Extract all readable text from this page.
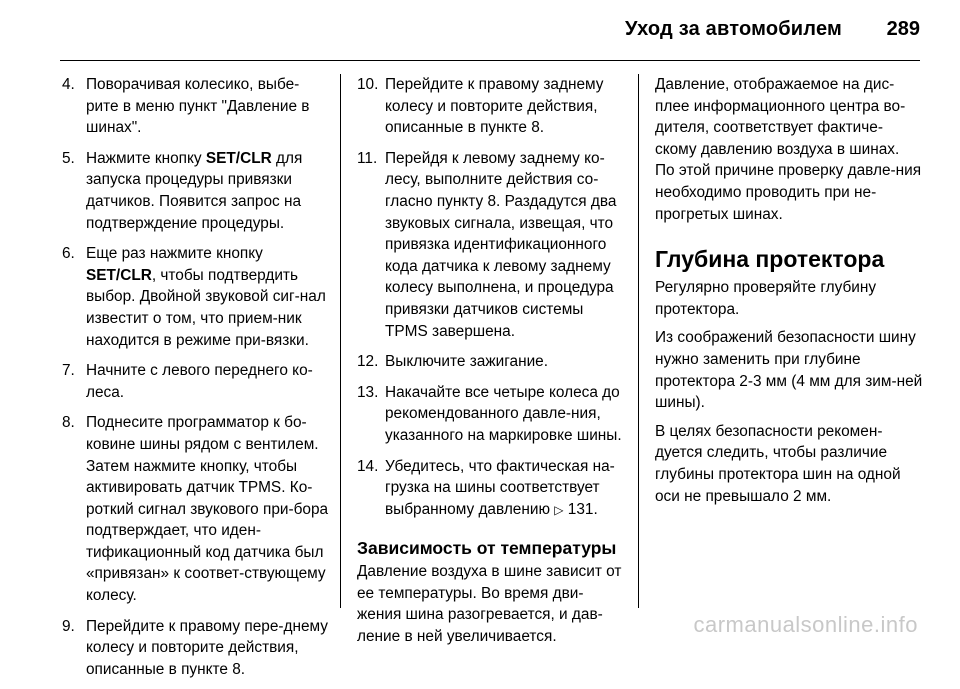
Уход за автомобилем 289
4. Поворачивая колесико, выбе-рите в меню пункт "Давление в шинах".
5. Нажмите кнопку SET/CLR для запуска процедуры привязки датчиков. Появится запрос на подтверждение процедуры.
6. Еще раз нажмите кнопку SET/CLR, чтобы подтвердить выбор. Двойной звуковой сиг-нал известит о том, что прием-ник находится в режиме при-вязки.
7. Начните с левого переднего ко-леса.
8. Поднесите программатор к бо-ковине шины рядом с вентилем. Затем нажмите кнопку, чтобы активировать датчик TPMS. Ко-роткий сигнал звукового при-бора подтверждает, что иден-тификационный код датчика был «привязан» к соответ-ствующему колесу.
9. Перейдите к правому пере-днему колесу и повторите действия, описанные в пункте 8.
10. Перейдите к правому заднему колесу и повторите действия, описанные в пункте 8.
11. Перейдя к левому заднему ко-лесу, выполните действия со-гласно пункту 8. Раздадутся два звуковых сигнала, извещая, что привязка идентификационного кода датчика к левому заднему колесу выполнена, и процедура привязки датчиков системы TPMS завершена.
12. Выключите зажигание.
13. Накачайте все четыре колеса до рекомендованного давле-ния, указанного на маркировке шины.
14. Убедитесь, что фактическая на-грузка на шины соответствует выбранному давлению ▷ 131.
Зависимость от температуры

Давление воздуха в шине зависит от ее температуры. Во время дви-жения шина разогревается, и дав-ление в ней увеличивается.

Давление, отображаемое на дис-плее информационного центра во-дителя, соответствует фактиче-скому давлению воздуха в шинах. По этой причине проверку давле-ния необходимо проводить при не-прогретых шинах.

Глубина протектора

Регулярно проверяйте глубину протектора.

Из соображений безопасности шину нужно заменить при глубине протектора 2-3 мм (4 мм для зим-ней шины).

В целях безопасности рекомен-дуется следить, чтобы различие глубины протектора шин на одной оси не превышало 2 мм.

carmanualsonline.info
